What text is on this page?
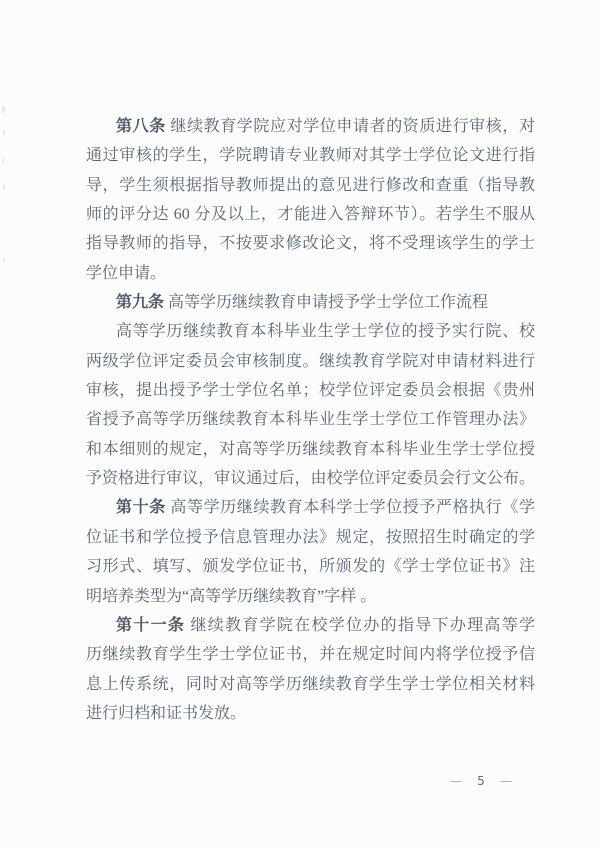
第八条 继续教育学院应对学位申请者的资质进行审核，对
通过审核的学生，学院聘请专业教师对其学士学位论文进行指
导，学生须根据指导教师提出的意见进行修改和查重（指导教
师的评分达 60 分及以上，才能进入答辩环节）。若学生不服从
指导教师的指导，不按要求修改论文，将不受理该学生的学士
学位申请。
第九条 高等学历继续教育申请授予学士学位工作流程
高等学历继续教育本科毕业生学士学位的授予实行院、校
两级学位评定委员会审核制度。继续教育学院对申请材料进行
审核，提出授予学士学位名单；校学位评定委员会根据《贵州
省授予高等学历继续教育本科毕业生学士学位工作管理办法》
和本细则的规定，对高等学历继续教育本科毕业生学士学位授
予资格进行审议，审议通过后，由校学位评定委员会行文公布。
第十条 高等学历继续教育本科学士学位授予严格执行《学
位证书和学位授予信息管理办法》规定，按照招生时确定的学
习形式、填写、颁发学位证书，所颁发的《学士学位证书》注
明培养类型为“高等学历继续教育”字样 。
第十一条 继续教育学院在校学位办的指导下办理高等学
历继续教育学生学士学位证书，并在规定时间内将学位授予信
息上传系统，同时对高等学历继续教育学生学士学位相关材料
进行归档和证书发放。
— 5 —
